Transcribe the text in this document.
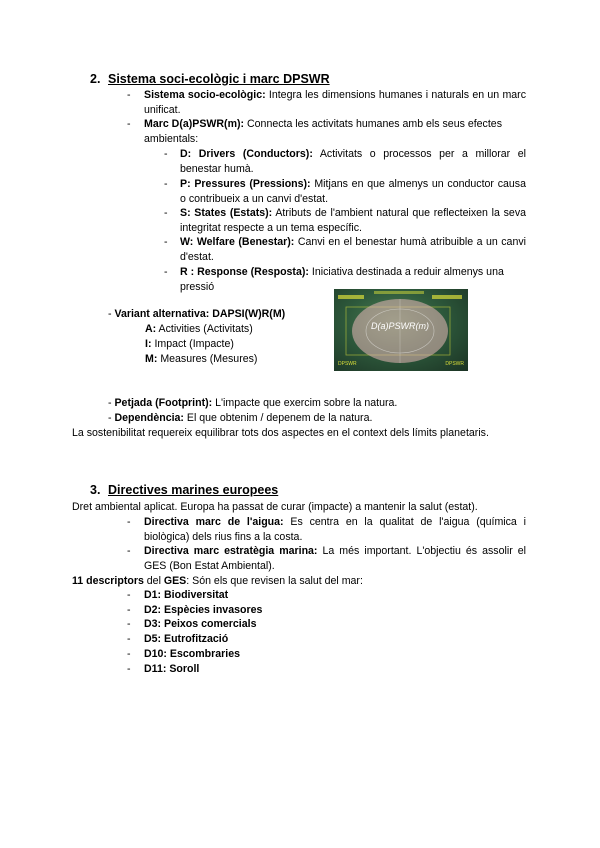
2. Sistema soci-ecològic i marc DPSWR
-	Sistema socio-ecològic: Integra les dimensions humanes i naturals en un marc unificat.
-	Marc D(a)PSWR(m): Connecta les activitats humanes amb els seus efectes ambientals:
-	D: Drivers (Conductors): Activitats o processos per a millorar el benestar humà.
-	P: Pressures (Pressions): Mitjans en que almenys un conductor causa o contribueix a un canvi d'estat.
-	S: States (Estats): Atributs de l'ambient natural que reflecteixen la seva integritat respecte a un tema específic.
-	W: Welfare (Benestar): Canvi en el benestar humà atribuible a un canvi d'estat.
-	R : Response (Resposta): Iniciativa destinada a reduir almenys una pressió
- Variant alternativa: DAPSI(W)R(M)
A: Activities (Activitats)
I: Impact (Impacte)
M: Measures (Mesures)
D(a)PSWR(m)
DPSWR	DPSWR
- Petjada (Footprint): L'impacte que exercim sobre la natura.
- Dependència: El que obtenim / depenem de la natura.
La sostenibilitat requereix equilibrar tots dos aspectes en el context dels límits planetaris.
3. Directives marines europees
Dret ambiental aplicat. Europa ha passat de curar (impacte) a mantenir la salut (estat).
-	Directiva marc de l'aigua: Es centra en la qualitat de l'aigua (química i biològica) dels rius fins a la costa.
-	Directiva marc estratègia marina: La més important. L'objectiu és assolir el GES (Bon Estat Ambiental).
11 descriptors del GES: Són els que revisen la salut del mar:
-	D1: Biodiversitat
-	D2: Espècies invasores
-	D3: Peixos comercials
-	D5: Eutrofització
-	D10: Escombraries
-	D11: Soroll
